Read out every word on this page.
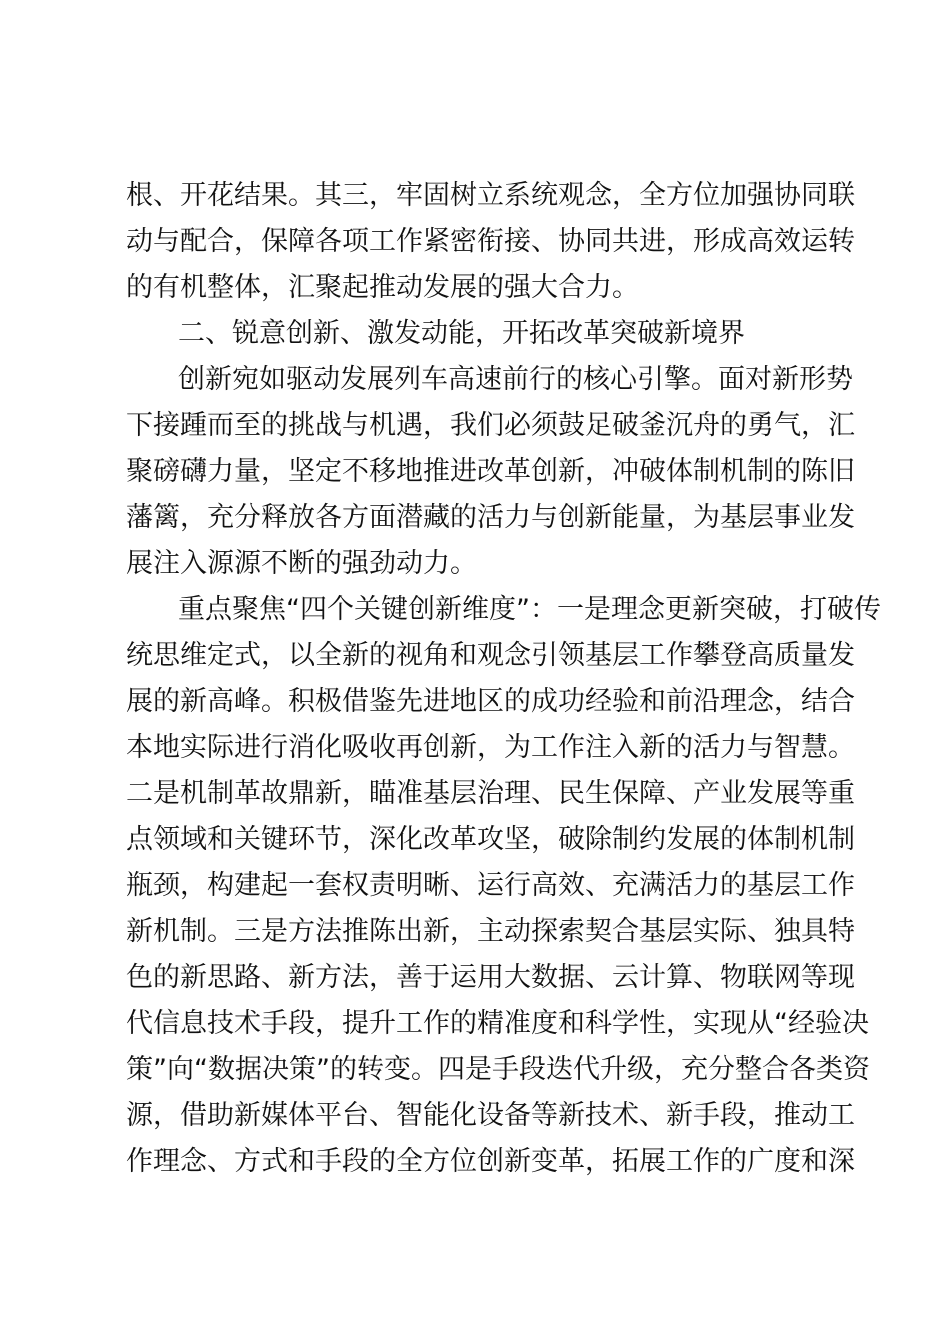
根、开花结果。其三，牢固树立系统观念，全方位加强协同联
动与配合，保障各项工作紧密衔接、协同共进，形成高效运转
的有机整体，汇聚起推动发展的强大合力。
二、锐意创新、激发动能，开拓改革突破新境界
创新宛如驱动发展列车高速前行的核心引擎。面对新形势
下接踵而至的挑战与机遇，我们必须鼓足破釜沉舟的勇气，汇
聚磅礴力量，坚定不移地推进改革创新，冲破体制机制的陈旧
藩篱，充分释放各方面潜藏的活力与创新能量，为基层事业发
展注入源源不断的强劲动力。
重点聚焦“四个关键创新维度”：一是理念更新突破，打破传
统思维定式，以全新的视角和观念引领基层工作攀登高质量发
展的新高峰。积极借鉴先进地区的成功经验和前沿理念，结合
本地实际进行消化吸收再创新，为工作注入新的活力与智慧。
二是机制革故鼎新，瞄准基层治理、民生保障、产业发展等重
点领域和关键环节，深化改革攻坚，破除制约发展的体制机制
瓶颈，构建起一套权责明晰、运行高效、充满活力的基层工作
新机制。三是方法推陈出新，主动探索契合基层实际、独具特
色的新思路、新方法，善于运用大数据、云计算、物联网等现
代信息技术手段，提升工作的精准度和科学性，实现从“经验决
策”向“数据决策”的转变。四是手段迭代升级，充分整合各类资
源，借助新媒体平台、智能化设备等新技术、新手段，推动工
作理念、方式和手段的全方位创新变革，拓展工作的广度和深
